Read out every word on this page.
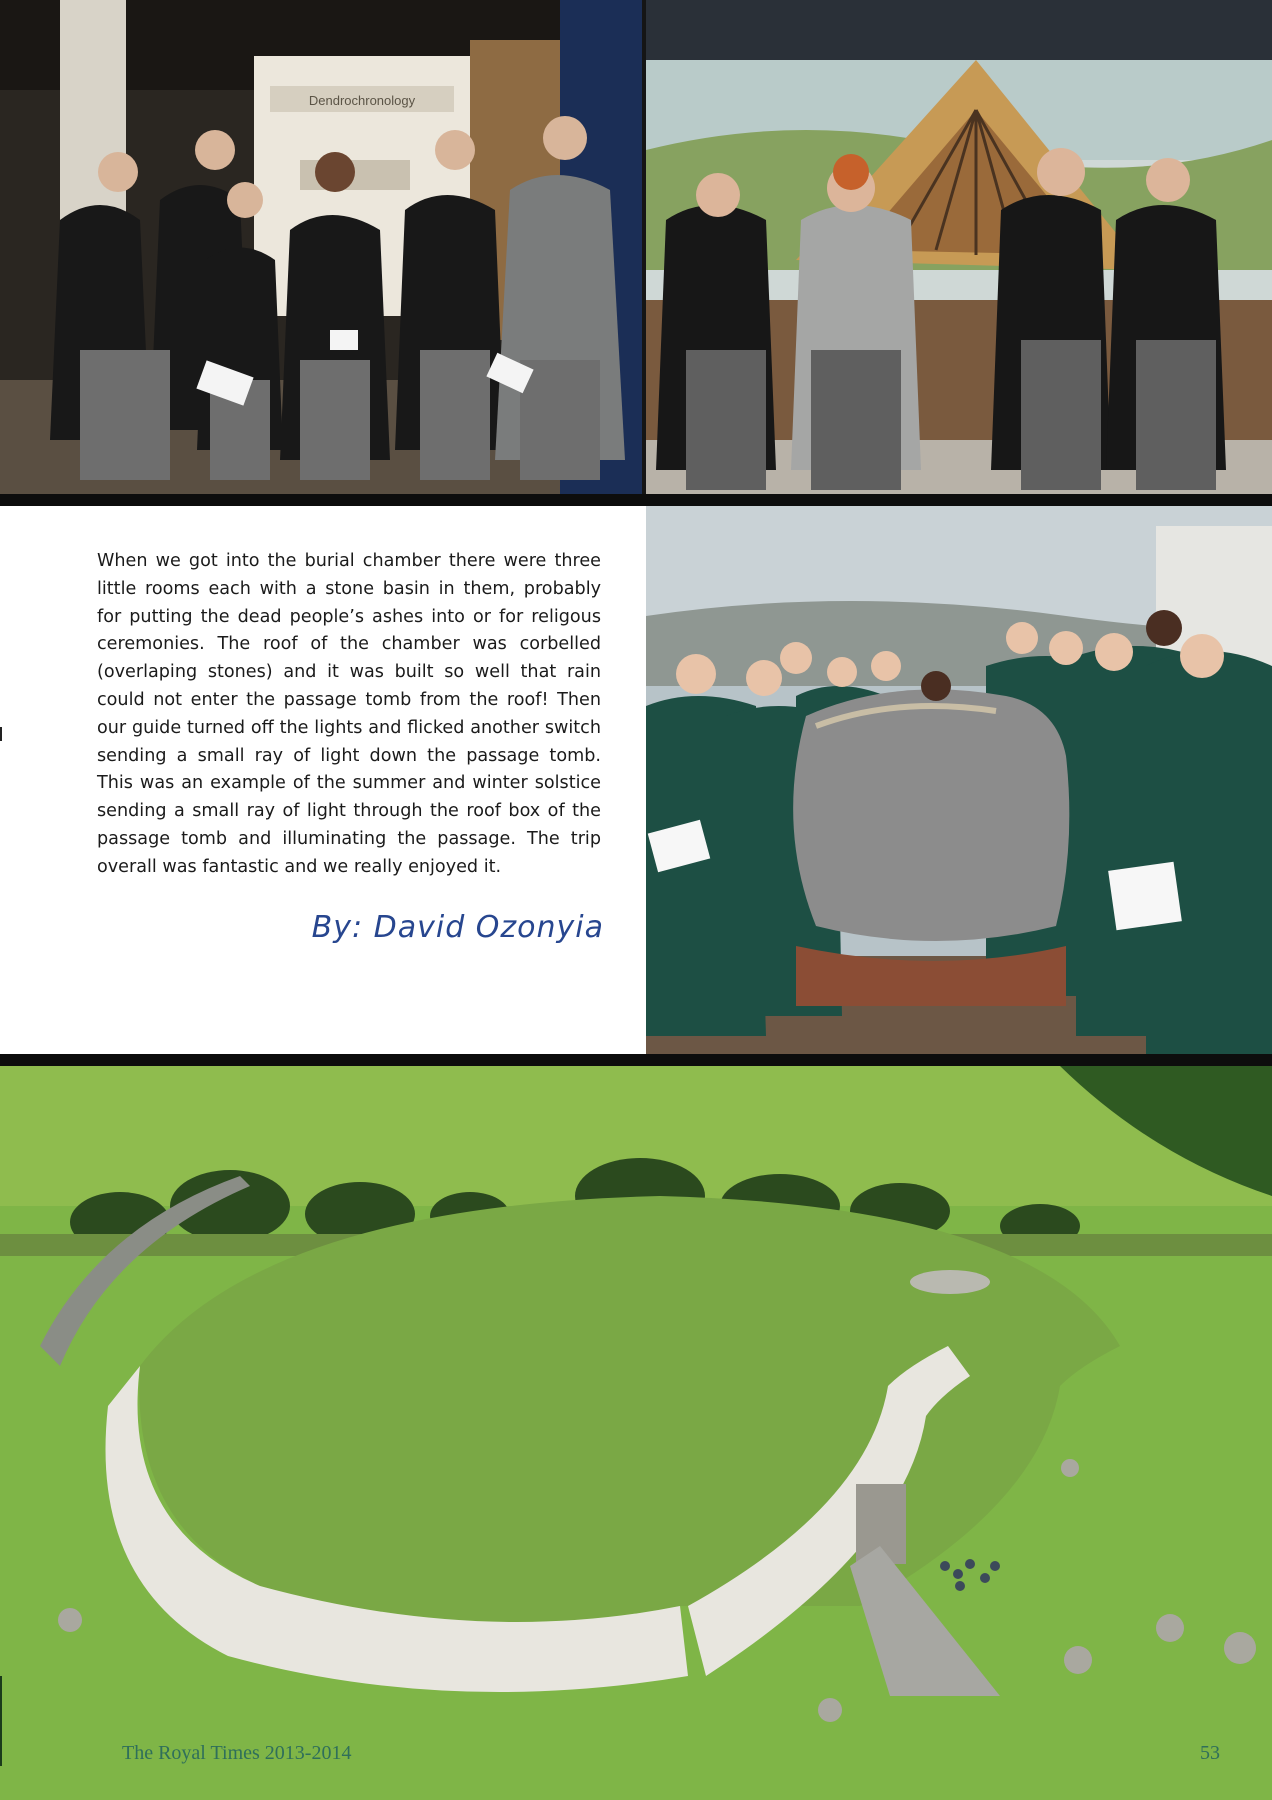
Dendrochronology

When we got into the burial chamber there were three little rooms each with a stone basin in them, probably for putting the dead people’s ashes into or for religous ceremonies. The roof of the chamber was corbelled (overlaping stones) and it was built so well that rain could not enter the passage tomb from the roof! Then our guide turned off the lights and flicked another switch sending a small ray of light down the passage tomb. This was an example of the summer and winter solstice sending a small ray of light through the roof box of the passage tomb and illuminating the passage. The trip overall was fantastic and we really enjoyed it.

By: David Ozonyia
The Royal Times 2013-2014	53
